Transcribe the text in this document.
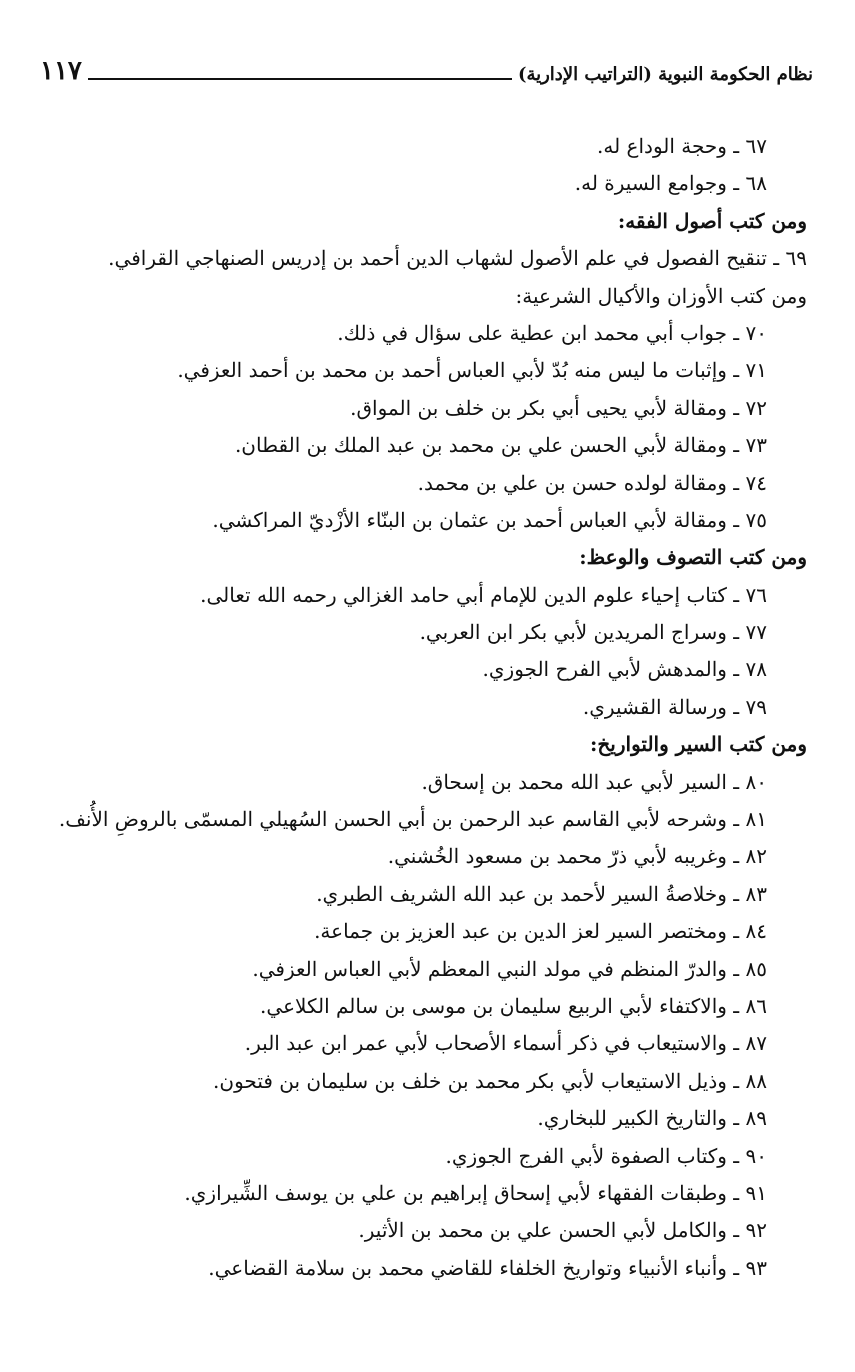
نظام الحكومة النبوية (التراتيب الإدارية)
١١٧
٦٧ ـ وحجة الوداع له.
٦٨ ـ وجوامع السيرة له.
ومن كتب أصول الفقه:
٦٩ ـ تنقيح الفصول في علم الأصول لشهاب الدين أحمد بن إدريس الصنهاجي القرافي.
ومن كتب الأوزان والأكيال الشرعية:
٧٠ ـ جواب أبي محمد ابن عطية على سؤال في ذلك.
٧١ ـ وإثبات ما ليس منه بُدّ لأبي العباس أحمد بن محمد بن أحمد العزفي.
٧٢ ـ ومقالة لأبي يحيى أبي بكر بن خلف بن المواق.
٧٣ ـ ومقالة لأبي الحسن علي بن محمد بن عبد الملك بن القطان.
٧٤ ـ ومقالة لولده حسن بن علي بن محمد.
٧٥ ـ ومقالة لأبي العباس أحمد بن عثمان بن البنّاء الأزْديّ المراكشي.
ومن كتب التصوف والوعظ:
٧٦ ـ كتاب إحياء علوم الدين للإمام أبي حامد الغزالي رحمه الله تعالى.
٧٧ ـ وسراج المريدين لأبي بكر ابن العربي.
٧٨ ـ والمدهش لأبي الفرح الجوزي.
٧٩ ـ ورسالة القشيري.
ومن كتب السير والتواريخ:
٨٠ ـ السير لأبي عبد الله محمد بن إسحاق.
٨١ ـ وشرحه لأبي القاسم عبد الرحمن بن أبي الحسن السُهيلي المسمّى بالروضِ الأُنف.
٨٢ ـ وغريبه لأبي ذرّ محمد بن مسعود الخُشني.
٨٣ ـ وخلاصةُ السير لأحمد بن عبد الله الشريف الطبري.
٨٤ ـ ومختصر السير لعز الدين بن عبد العزيز بن جماعة.
٨٥ ـ والدرّ المنظم في مولد النبي المعظم لأبي العباس العزفي.
٨٦ ـ والاكتفاء لأبي الربيع سليمان بن موسى بن سالم الكلاعي.
٨٧ ـ والاستيعاب في ذكر أسماء الأصحاب لأبي عمر ابن عبد البر.
٨٨ ـ وذيل الاستيعاب لأبي بكر محمد بن خلف بن سليمان بن فتحون.
٨٩ ـ والتاريخ الكبير للبخاري.
٩٠ ـ وكتاب الصفوة لأبي الفرج الجوزي.
٩١ ـ وطبقات الفقهاء لأبي إسحاق إبراهيم بن علي بن يوسف الشِّيرازي.
٩٢ ـ والكامل لأبي الحسن علي بن محمد بن الأثير.
٩٣ ـ وأنباء الأنبياء وتواريخ الخلفاء للقاضي محمد بن سلامة القضاعي.
